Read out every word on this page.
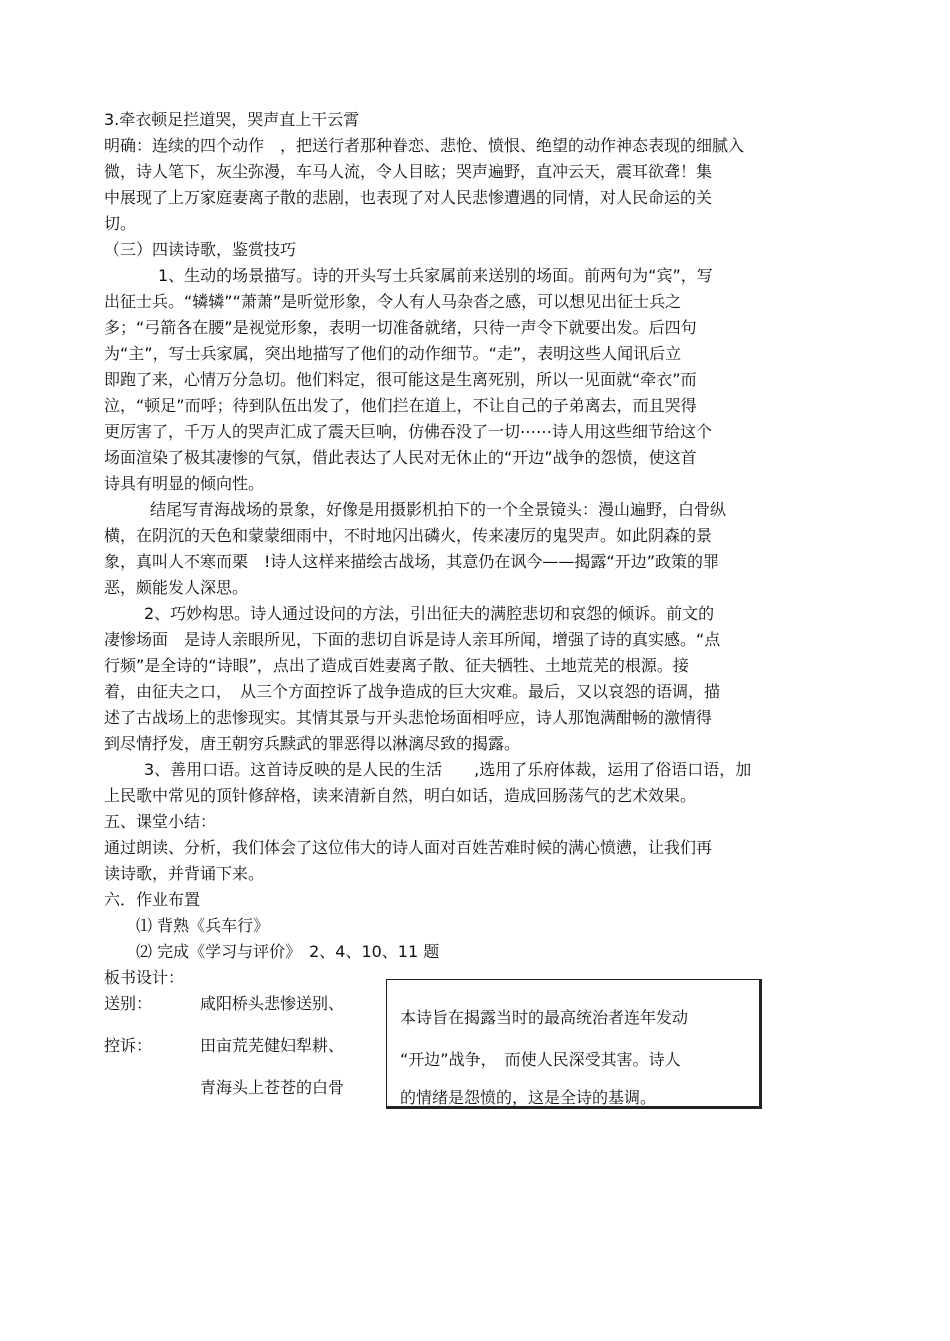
3.牵衣顿足拦道哭，哭声直上干云霄
明确：连续的四个动作　，把送行者那种眷恋、悲怆、愤恨、绝望的动作神态表现的细腻入
微，诗人笔下，灰尘弥漫，车马人流，令人目眩；哭声遍野，直冲云天，震耳欲聋！集
中展现了上万家庭妻离子散的悲剧，也表现了对人民悲惨遭遇的同情，对人民命运的关
切。
（三）四读诗歌，鉴赏技巧
　　1、生动的场景描写。诗的开头写士兵家属前来送别的场面。前两句为“宾”，写
出征士兵。“辚辚”“萧萧”是听觉形象，令人有人马杂沓之感，可以想见出征士兵之
多；“弓箭各在腰”是视觉形象，表明一切准备就绪，只待一声令下就要出发。后四句
为“主”，写士兵家属，突出地描写了他们的动作细节。“走”，表明这些人闻讯后立
即跑了来，心情万分急切。他们料定，很可能这是生离死别，所以一见面就“牵衣”而
泣，“顿足”而呼；待到队伍出发了，他们拦在道上，不让自己的子弟离去，而且哭得
更厉害了，千万人的哭声汇成了震天巨响，仿佛吞没了一切⋯⋯诗人用这些细节给这个
场面渲染了极其凄惨的气氛，借此表达了人民对无休止的“开边”战争的怨愤，使这首
诗具有明显的倾向性。
　　结尾写青海战场的景象，好像是用摄影机拍下的一个全景镜头：漫山遍野，白骨纵
横，在阴沉的天色和蒙蒙细雨中，不时地闪出磷火，传来凄厉的鬼哭声。如此阴森的景
象，真叫人不寒而栗　!诗人这样来描绘古战场，其意仍在讽今——揭露“开边”政策的罪
恶，颇能发人深思。
　　2、巧妙构思。诗人通过设问的方法，引出征夫的满腔悲切和哀怨的倾诉。前文的
凄惨场面　是诗人亲眼所见，下面的悲切自诉是诗人亲耳所闻，增强了诗的真实感。“点
行频”是全诗的“诗眼”，点出了造成百姓妻离子散、征夫牺牲、土地荒芜的根源。接
着，由征夫之口，　从三个方面控诉了战争造成的巨大灾难。最后，又以哀怨的语调，描
述了古战场上的悲惨现实。其情其景与开头悲怆场面相呼应，诗人那饱满酣畅的激情得
到尽情抒发，唐王朝穷兵黩武的罪恶得以淋漓尽致的揭露。
　　3、善用口语。这首诗反映的是人民的生活　　,选用了乐府体裁，运用了俗语口语，加
上民歌中常见的顶针修辞格，读来清新自然，明白如话，造成回肠荡气的艺术效果。
五、课堂小结：
通过朗读、分析，我们体会了这位伟大的诗人面对百姓苦难时候的满心愤懑，让我们再
读诗歌，并背诵下来。
六．作业布置
　　⑴ 背熟《兵车行》
　　⑵ 完成《学习与评价》　2、4、10、11 题
板书设计：
送别：	咸阳桥头悲惨送别、
控诉：	田亩荒芜健妇犁耕、
青海头上苍苍的白骨
本诗旨在揭露当时的最高统治者连年发动
“开边”战争，　而使人民深受其害。诗人
的情绪是怨愤的，这是全诗的基调。
